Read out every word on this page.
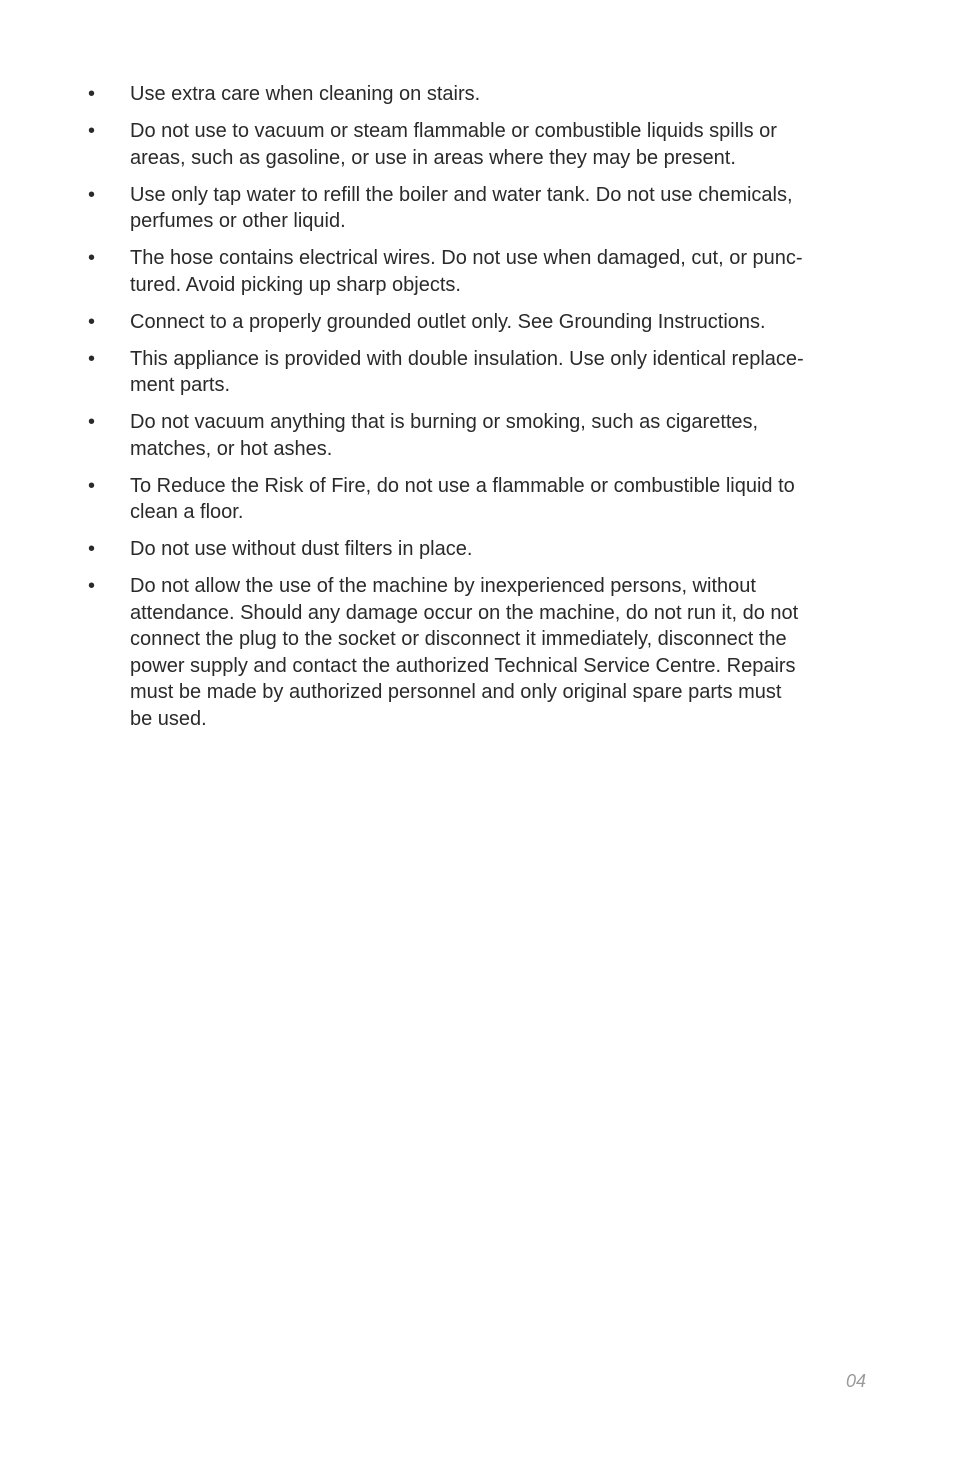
•	Use extra care when cleaning on stairs.
•	Do not use to vacuum or steam flammable or combustible liquids spills or
areas, such as gasoline, or use in areas where they may be present.
•	Use only tap water to refill the boiler and water tank. Do not use chemicals,
perfumes or other liquid.
•	The hose contains electrical wires. Do not use when damaged, cut, or punc-
tured. Avoid picking up sharp objects.
•	Connect to a properly grounded outlet only. See Grounding Instructions.
•	This appliance is provided with double insulation. Use only identical replace-
ment parts.
•	Do not vacuum anything that is burning or smoking, such as cigarettes,
matches, or hot ashes.
•	To Reduce the Risk of Fire, do not use a flammable or combustible liquid to
clean a floor.
•	Do not use without dust filters in place.
•	Do not allow the use of the machine by inexperienced persons, without
attendance. Should any damage occur on the machine, do not run it, do not
connect the plug to the socket or disconnect it immediately, disconnect the
power supply and contact the authorized Technical Service Centre. Repairs
must be made by authorized personnel and only original spare parts must
be used.
04
